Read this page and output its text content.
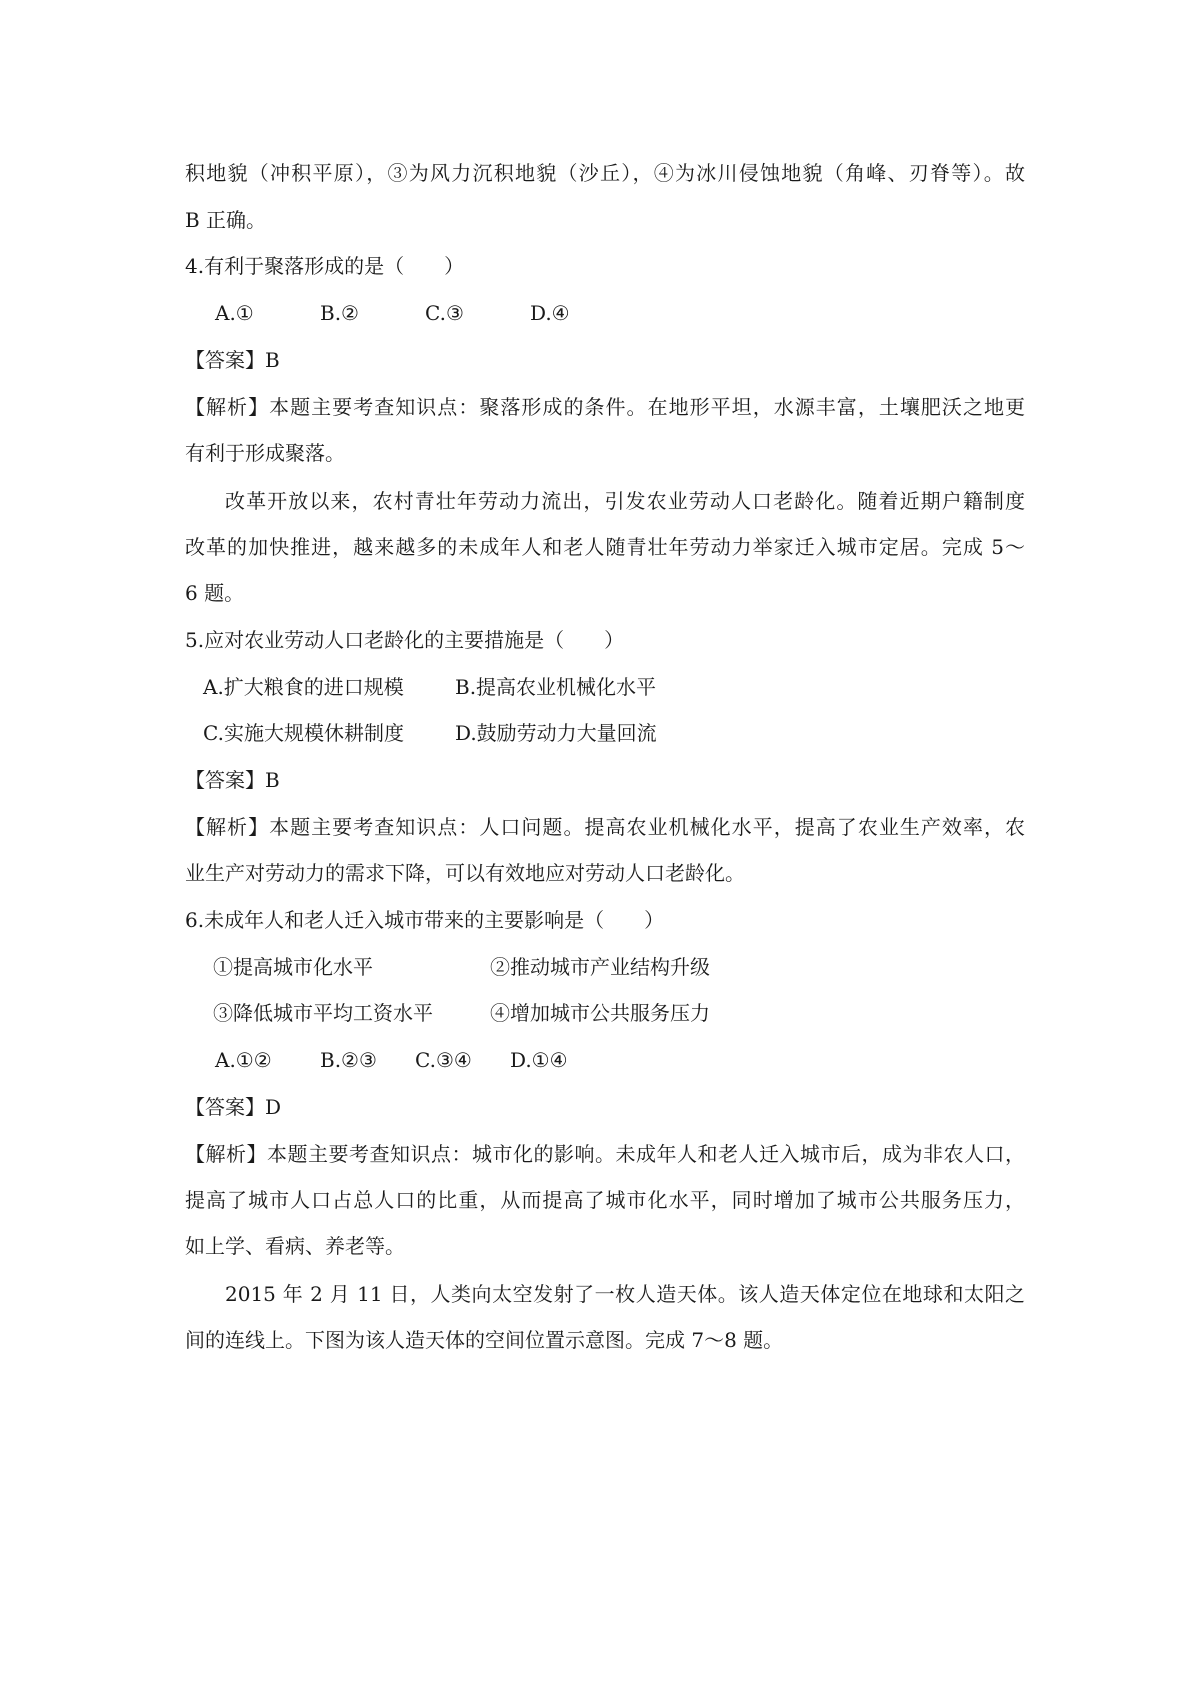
积地貌（冲积平原），③为风力沉积地貌（沙丘），④为冰川侵蚀地貌（角峰、刃脊等）。故
B 正确。
4.有利于聚落形成的是（　　）
A.①	B.②	C.③	D.④
【答案】B
【解析】本题主要考查知识点：聚落形成的条件。在地形平坦，水源丰富，土壤肥沃之地更
有利于形成聚落。
改革开放以来，农村青壮年劳动力流出，引发农业劳动人口老龄化。随着近期户籍制度
改革的加快推进，越来越多的未成年人和老人随青壮年劳动力举家迁入城市定居。完成 5～
6 题。
5.应对农业劳动人口老龄化的主要措施是（　　）
A.扩大粮食的进口规模	B.提高农业机械化水平
C.实施大规模休耕制度	D.鼓励劳动力大量回流
【答案】B
【解析】本题主要考查知识点：人口问题。提高农业机械化水平，提高了农业生产效率，农
业生产对劳动力的需求下降，可以有效地应对劳动人口老龄化。
6.未成年人和老人迁入城市带来的主要影响是（　　）
①提高城市化水平	②推动城市产业结构升级
③降低城市平均工资水平	④增加城市公共服务压力
A.①② B.②③ C.③④ D.①④
【答案】D
【解析】本题主要考查知识点：城市化的影响。未成年人和老人迁入城市后，成为非农人口，
提高了城市人口占总人口的比重，从而提高了城市化水平，同时增加了城市公共服务压力，
如上学、看病、养老等。
2015 年 2 月 11 日，人类向太空发射了一枚人造天体。该人造天体定位在地球和太阳之
间的连线上。下图为该人造天体的空间位置示意图。完成 7～8 题。
